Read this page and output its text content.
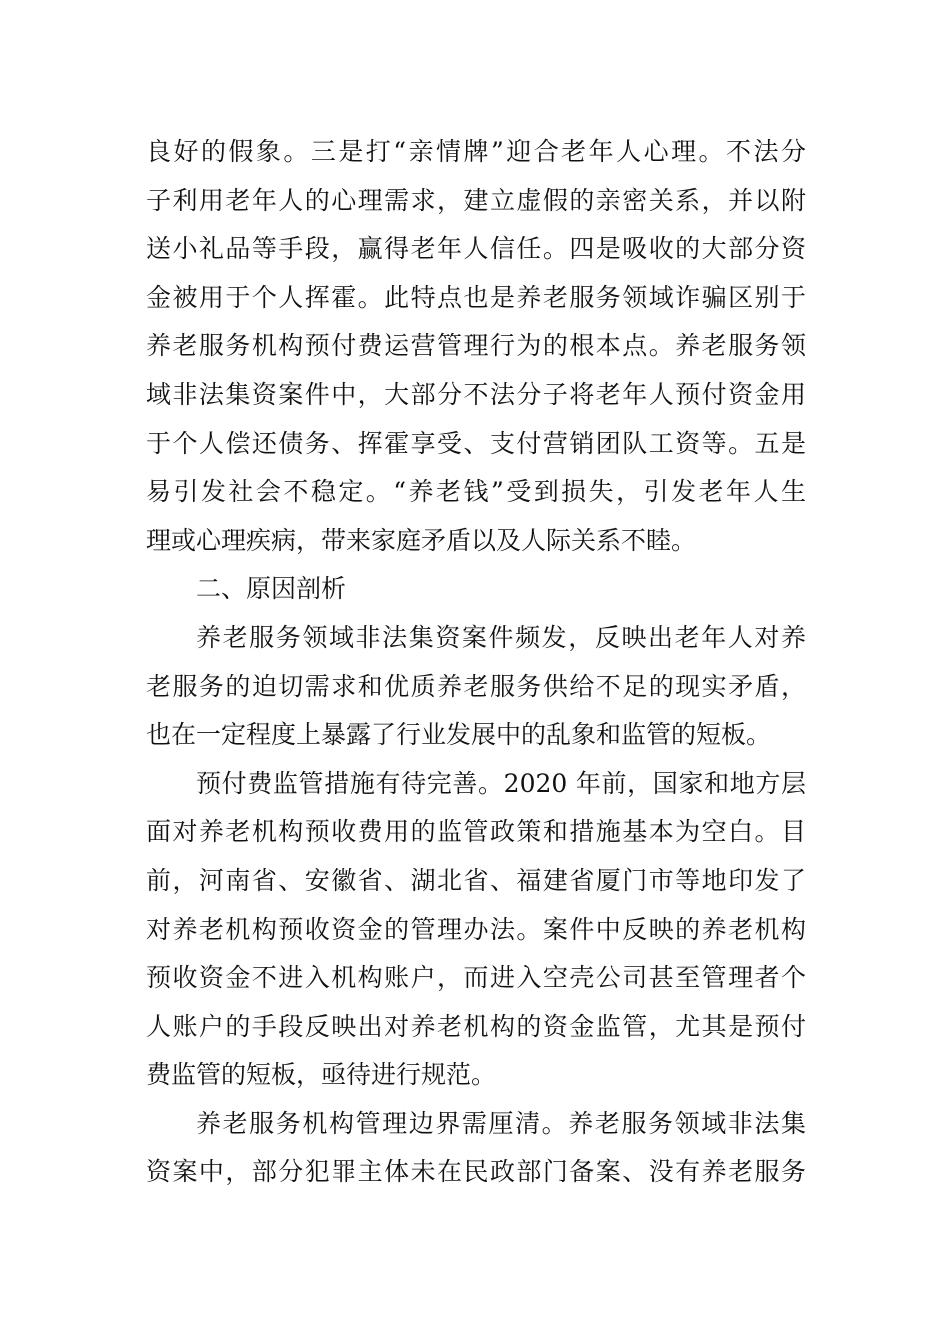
良好的假象。三是打“亲情牌”迎合老年人心理。不法分
子利用老年人的心理需求，建立虚假的亲密关系，并以附
送小礼品等手段，赢得老年人信任。四是吸收的大部分资
金被用于个人挥霍。此特点也是养老服务领域诈骗区别于
养老服务机构预付费运营管理行为的根本点。养老服务领
域非法集资案件中，大部分不法分子将老年人预付资金用
于个人偿还债务、挥霍享受、支付营销团队工资等。五是
易引发社会不稳定。“养老钱”受到损失，引发老年人生
理或心理疾病，带来家庭矛盾以及人际关系不睦。
二、原因剖析
养老服务领域非法集资案件频发，反映出老年人对养
老服务的迫切需求和优质养老服务供给不足的现实矛盾，
也在一定程度上暴露了行业发展中的乱象和监管的短板。
预付费监管措施有待完善。2020 年前，国家和地方层
面对养老机构预收费用的监管政策和措施基本为空白。目
前，河南省、安徽省、湖北省、福建省厦门市等地印发了
对养老机构预收资金的管理办法。案件中反映的养老机构
预收资金不进入机构账户，而进入空壳公司甚至管理者个
人账户的手段反映出对养老机构的资金监管，尤其是预付
费监管的短板，亟待进行规范。
养老服务机构管理边界需厘清。养老服务领域非法集
资案中，部分犯罪主体未在民政部门备案、没有养老服务
